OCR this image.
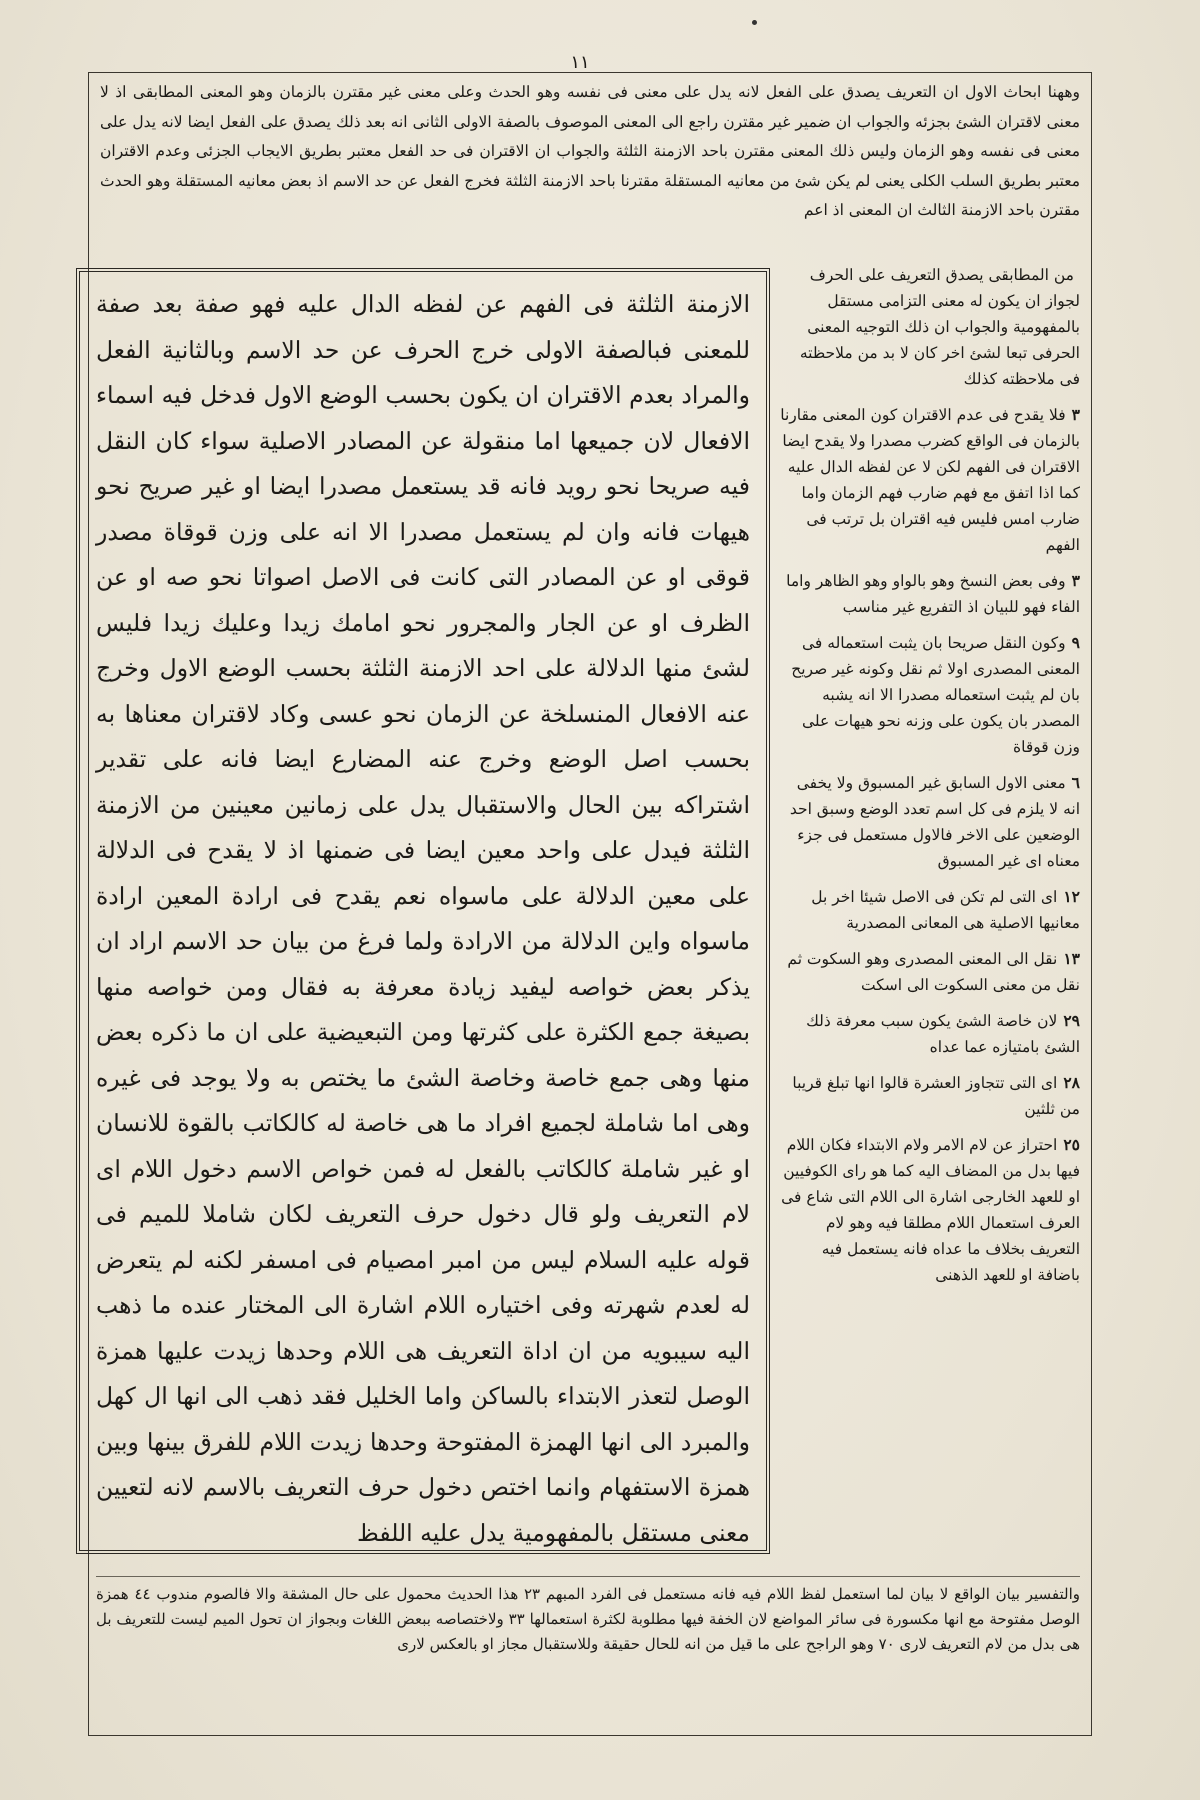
١١

وههنا ابحاث الاول ان التعريف يصدق على الفعل لانه يدل على معنى فى نفسه وهو الحدث وعلى معنى غير مقترن بالزمان وهو المعنى المطابقى اذ لا معنى لاقتران الشئ بجزئه والجواب ان ضمير غير مقترن راجع الى المعنى الموصوف بالصفة الاولى الثانى انه بعد ذلك يصدق على الفعل ايضا لانه يدل على معنى فى نفسه وهو الزمان وليس ذلك المعنى مقترن باحد الازمنة الثلثة والجواب ان الاقتران فى حد الفعل معتبر بطريق الايجاب الجزئى وعدم الاقتران معتبر بطريق السلب الكلى يعنى لم يكن شئ من معانيه المستقلة مقترنا باحد الازمنة الثلثة فخرج الفعل عن حد الاسم اذ بعض معانيه المستقلة وهو الحدث مقترن باحد الازمنة الثالث ان المعنى اذ اعم

الازمنة الثلثة فى الفهم عن لفظه الدال عليه فهو صفة بعد صفة للمعنى فبالصفة الاولى خرج الحرف عن حد الاسم وبالثانية الفعل والمراد بعدم الاقتران ان يكون بحسب الوضع الاول فدخل فيه اسماء الافعال لان جميعها اما منقولة عن المصادر الاصلية سواء كان النقل فيه صريحا نحو رويد فانه قد يستعمل مصدرا ايضا او غير صريح نحو هيهات فانه وان لم يستعمل مصدرا الا انه على وزن قوقاة مصدر قوقى او عن المصادر التى كانت فى الاصل اصواتا نحو صه او عن الظرف او عن الجار والمجرور نحو امامك زيدا وعليك زيدا فليس لشئ منها الدلالة على احد الازمنة الثلثة بحسب الوضع الاول وخرج عنه الافعال المنسلخة عن الزمان نحو عسى وكاد لاقتران معناها به بحسب اصل الوضع وخرج عنه المضارع ايضا فانه على تقدير اشتراكه بين الحال والاستقبال يدل على زمانين معينين من الازمنة الثلثة فيدل على واحد معين ايضا فى ضمنها اذ لا يقدح فى الدلالة على معين الدلالة على ماسواه نعم يقدح فى ارادة المعين ارادة ماسواه واين الدلالة من الارادة ولما فرغ من بيان حد الاسم اراد ان يذكر بعض خواصه ليفيد زيادة معرفة به فقال ومن خواصه منها بصيغة جمع الكثرة على كثرتها ومن التبعيضية على ان ما ذكره بعض منها وهى جمع خاصة وخاصة الشئ ما يختص به ولا يوجد فى غيره وهى اما شاملة لجميع افراد ما هى خاصة له كالكاتب بالقوة للانسان او غير شاملة كالكاتب بالفعل له فمن خواص الاسم دخول اللام اى لام التعريف ولو قال دخول حرف التعريف لكان شاملا للميم فى قوله عليه السلام ليس من امبر امصيام فى امسفر لكنه لم يتعرض له لعدم شهرته وفى اختياره اللام اشارة الى المختار عنده ما ذهب اليه سيبويه من ان اداة التعريف هى اللام وحدها زيدت عليها همزة الوصل لتعذر الابتداء بالساكن واما الخليل فقد ذهب الى انها ال كهل والمبرد الى انها الهمزة المفتوحة وحدها زيدت اللام للفرق بينها وبين همزة الاستفهام وانما اختص دخول حرف التعريف بالاسم لانه لتعيين معنى مستقل بالمفهومية يدل عليه اللفظ

من المطابقى يصدق التعريف على الحرف لجواز ان يكون له معنى التزامى مستقل بالمفهومية والجواب ان ذلك التوجيه المعنى الحرفى تبعا لشئ اخر كان لا بد من ملاحظته فى ملاحظته كذلك

٣فلا يقدح فى عدم الاقتران كون المعنى مقارنا بالزمان فى الواقع كضرب مصدرا ولا يقدح ايضا الاقتران فى الفهم لكن لا عن لفظه الدال عليه كما اذا اتفق مع فهم ضارب فهم الزمان واما ضارب امس فليس فيه اقتران بل ترتب فى الفهم

٣وفى بعض النسخ وهو بالواو وهو الظاهر واما الفاء فهو للبيان اذ التفريع غير مناسب

٩وكون النقل صريحا بان يثبت استعماله فى المعنى المصدرى اولا ثم نقل وكونه غير صريح بان لم يثبت استعماله مصدرا الا انه يشبه المصدر بان يكون على وزنه نحو هيهات على وزن قوقاة

٦معنى الاول السابق غير المسبوق ولا يخفى انه لا يلزم فى كل اسم تعدد الوضع وسبق احد الوضعين على الاخر فالاول مستعمل فى جزء معناه اى غير المسبوق

١٢اى التى لم تكن فى الاصل شيئا اخر بل معانيها الاصلية هى المعانى المصدرية

١٣نقل الى المعنى المصدرى وهو السكوت ثم نقل من معنى السكوت الى اسكت

٢٩لان خاصة الشئ يكون سبب معرفة ذلك الشئ بامتيازه عما عداه

٢٨اى التى تتجاوز العشرة قالوا انها تبلغ قريبا من ثلثين

٢٥احتراز عن لام الامر ولام الابتداء فكان اللام فيها بدل من المضاف اليه كما هو راى الكوفيين او للعهد الخارجى اشارة الى اللام التى شاع فى العرف استعمال اللام مطلقا فيه وهو لام التعريف بخلاف ما عداه فانه يستعمل فيه باضافة او للعهد الذهنى

والتفسير بيان الواقع لا بيان لما استعمل لفظ اللام فيه فانه مستعمل فى الفرد المبهم ٢٣ هذا الحديث محمول على حال المشقة والا فالصوم مندوب ٤٤ همزة الوصل مفتوحة مع انها مكسورة فى سائر المواضع لان الخفة فيها مطلوبة لكثرة استعمالها ٣٣ ولاختصاصه ببعض اللغات وبجواز ان تحول الميم ليست للتعريف بل هى بدل من لام التعريف لارى ٧٠ وهو الراجح على ما قيل من انه للحال حقيقة وللاستقبال مجاز او بالعكس لارى
